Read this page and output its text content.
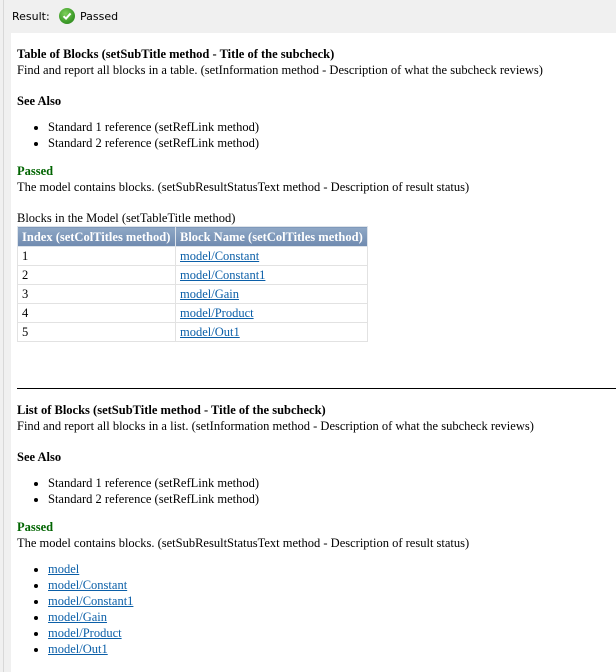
Result:	Passed
Table of Blocks (setSubTitle method - Title of the subcheck)
Find and report all blocks in a table. (setInformation method - Description of what the subcheck reviews)
See Also
• Standard 1 reference (setRefLink method)
• Standard 2 reference (setRefLink method)
Passed
The model contains blocks. (setSubResultStatusText method - Description of result status)
Blocks in the Model (setTableTitle method)
Index (setColTitles method)	Block Name (setColTitles method)
1	model/Constant
2	model/Constant1
3	model/Gain
4	model/Product
5	model/Out1
List of Blocks (setSubTitle method - Title of the subcheck)
Find and report all blocks in a list. (setInformation method - Description of what the subcheck reviews)
See Also
• Standard 1 reference (setRefLink method)
• Standard 2 reference (setRefLink method)
Passed
The model contains blocks. (setSubResultStatusText method - Description of result status)
• model
• model/Constant
• model/Constant1
• model/Gain
• model/Product
• model/Out1
